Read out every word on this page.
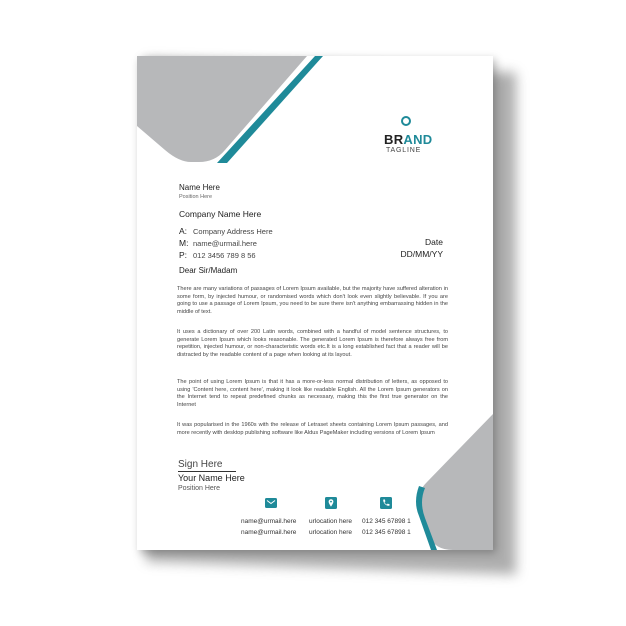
BRAND
TAGLINE
Name Here
Position Here
Company Name Here
A: Company Address Here
M: name@urmail.here
P: 012 3456 789 8 56
Date
DD/MM/YY
Dear Sir/Madam
There are many variations of passages of Lorem Ipsum available, but the majority have suffered alteration in some form, by injected humour, or randomised words which don't look even slightly believable. If you are going to use a passage of Lorem Ipsum, you need to be sure there isn't anything embarrassing hidden in the middle of text.
It uses a dictionary of over 200 Latin words, combined with a handful of model sentence structures, to generate Lorem Ipsum which looks reasonable. The generated Lorem Ipsum is therefore always free from repetition, injected humour, or non-characteristic words etc.It is a long established fact that a reader will be distracted by the readable content of a page when looking at its layout.
The point of using Lorem Ipsum is that it has a more-or-less normal distribution of letters, as opposed to using 'Content here, content here', making it look like readable English. All the Lorem Ipsum generators on the Internet tend to repeat predefined chunks as necessary, making this the first true generator on the Internet
It was popularised in the 1960s with the release of Letraset sheets containing Lorem Ipsum passages, and more recently with desktop publishing software like Aldus PageMaker including versions of Lorem Ipsum
Sign Here
Your Name Here
Position Here
name@urmail.here
name@urmail.here
urlocation here
urlocation here
012 345 67898 1
012 345 67898 1
